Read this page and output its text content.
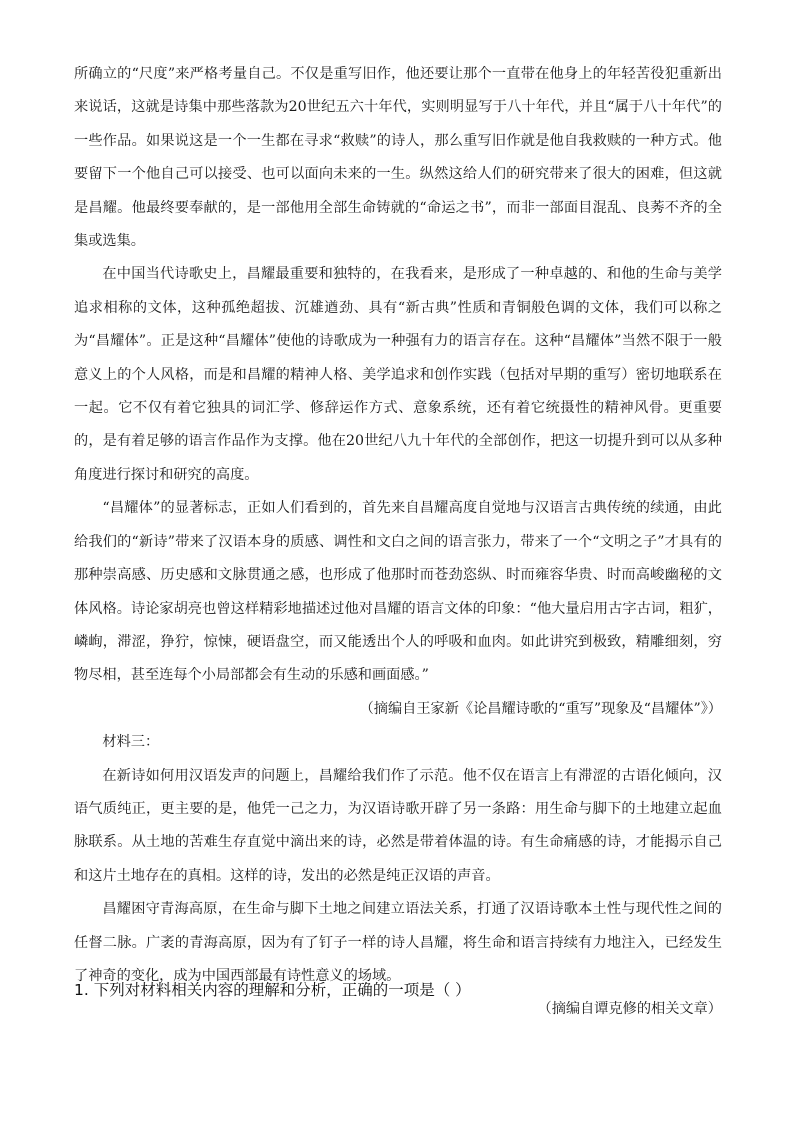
所确立的“尺度”来严格考量自己。不仅是重写旧作，他还要让那个一直带在他身上的年轻苦役犯重新出来说话，这就是诗集中那些落款为20世纪五六十年代，实则明显写于八十年代，并且“属于八十年代”的一些作品。如果说这是一个一生都在寻求“救赎”的诗人，那么重写旧作就是他自我救赎的一种方式。他要留下一个他自己可以接受、也可以面向未来的一生。纵然这给人们的研究带来了很大的困难，但这就是昌耀。他最终要奉献的，是一部他用全部生命铸就的“命运之书”，而非一部面目混乱、良莠不齐的全集或选集。

在中国当代诗歌史上，昌耀最重要和独特的，在我看来，是形成了一种卓越的、和他的生命与美学追求相称的文体，这种孤绝超拔、沉雄遒劲、具有“新古典”性质和青铜般色调的文体，我们可以称之为“昌耀体”。正是这种“昌耀体”使他的诗歌成为一种强有力的语言存在。这种“昌耀体”当然不限于一般意义上的个人风格，而是和昌耀的精神人格、美学追求和创作实践（包括对早期的重写）密切地联系在一起。它不仅有着它独具的词汇学、修辞运作方式、意象系统，还有着它统摄性的精神风骨。更重要的，是有着足够的语言作品作为支撑。他在20世纪八九十年代的全部创作，把这一切提升到可以从多种角度进行探讨和研究的高度。

“昌耀体”的显著标志，正如人们看到的，首先来自昌耀高度自觉地与汉语言古典传统的续通，由此给我们的“新诗”带来了汉语本身的质感、调性和文白之间的语言张力，带来了一个“文明之子”才具有的那种崇高感、历史感和文脉贯通之感，也形成了他那时而苍劲恣纵、时而雍容华贵、时而高峻幽秘的文体风格。诗论家胡亮也曾这样精彩地描述过他对昌耀的语言文体的印象：“他大量启用古字古词，粗犷，嶙峋，滞涩，狰狞，惊悚，硬语盘空，而又能透出个人的呼吸和血肉。如此讲究到极致，精雕细刻，穷物尽相，甚至连每个小局部都会有生动的乐感和画面感。”

（摘编自王家新《论昌耀诗歌的“重写”现象及“昌耀体”》）

材料三：

在新诗如何用汉语发声的问题上，昌耀给我们作了示范。他不仅在语言上有滞涩的古语化倾向，汉语气质纯正，更主要的是，他凭一己之力，为汉语诗歌开辟了另一条路：用生命与脚下的土地建立起血脉联系。从土地的苦难生存直觉中滴出来的诗，必然是带着体温的诗。有生命痛感的诗，才能揭示自己和这片土地存在的真相。这样的诗，发出的必然是纯正汉语的声音。

昌耀困守青海高原，在生命与脚下土地之间建立语法关系，打通了汉语诗歌本土性与现代性之间的任督二脉。广袤的青海高原，因为有了钉子一样的诗人昌耀，将生命和语言持续有力地注入，已经发生了神奇的变化，成为中国西部最有诗性意义的场域。

（摘编自谭克修的相关文章）

1. 下列对材料相关内容的理解和分析，正确的一项是（ ）
